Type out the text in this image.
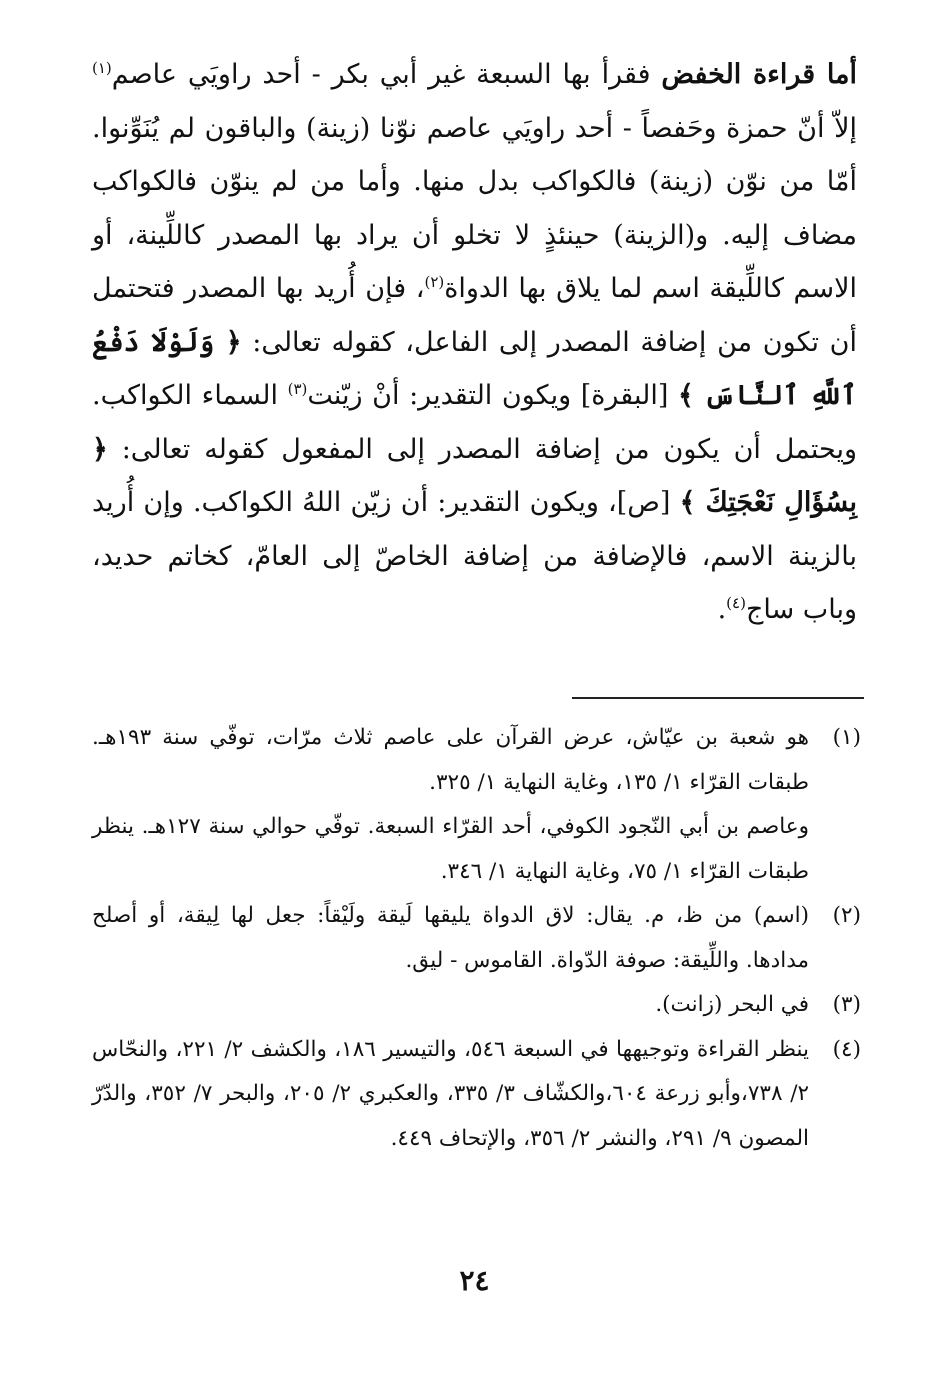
أما قراءة الخفض فقرأ بها السبعة غير أبي بكر - أحد راويَي عاصم$^{(١)}$ إلاّ أنّ حمزة وحَفصاً - أحد راويَي عاصم نوّنا (زينة) والباقون لم يُنَوِّنوا. أمّا من نوّن (زينة) فالكواكب بدل منها. وأما من لم ينوّن فالكواكب مضاف إليه. و(الزينة) حينئذٍ لا تخلو أن يراد بها المصدر كاللِّينة، أو الاسم كاللِّيقة اسم لما يلاق بها الدواة$^{(٢)}$، فإن أُريد بها المصدر فتحتمل أن تكون من إضافة المصدر إلى الفاعل، كقوله تعالى: ﴿ وَلَوْلَا دَفْعُ ٱللَّهِ ٱلنَّاسَ ﴾ [البقرة] ويكون التقدير: أنْ زيّنت$^{(٣)}$ السماء الكواكب. ويحتمل أن يكون من إضافة المصدر إلى المفعول كقوله تعالى: ﴿ بِسُؤَالِ نَعْجَتِكَ ﴾ [ص]، ويكون التقدير: أن زيّن اللهُ الكواكب. وإن أُريد بالزينة الاسم، فالإضافة من إضافة الخاصّ إلى العامّ، كخاتم حديد، وباب ساج$^{(٤)}$.

(١)

هو شعبة بن عيّاش، عرض القرآن على عاصم ثلاث مرّات، توفّي سنة ١٩٣هـ. طبقات القرّاء ١/ ١٣٥، وغاية النهاية ١/ ٣٢٥.

وعاصم بن أبي النّجود الكوفي، أحد القرّاء السبعة. توفّي حوالي سنة ١٢٧هـ. ينظر طبقات القرّاء ١/ ٧٥، وغاية النهاية ١/ ٣٤٦.

(٢)

(اسم) من ظ، م. يقال: لاق الدواة يليقها لَيقة ولَيْقاً: جعل لها لِيقة، أو أصلح مدادها. واللِّيقة: صوفة الدّواة. القاموس - ليق.

(٣)

في البحر (زانت).

(٤)

ينظر القراءة وتوجيهها في السبعة ٥٤٦، والتيسير ١٨٦، والكشف ٢/ ٢٢١، والنحّاس ٢/ ٧٣٨،وأبو زرعة ٦٠٤،والكشّاف ٣/ ٣٣٥، والعكبري ٢/ ٢٠٥، والبحر ٧/ ٣٥٢، والدّرّ المصون ٩/ ٢٩١، والنشر ٢/ ٣٥٦، والإتحاف ٤٤٩.

٢٤
